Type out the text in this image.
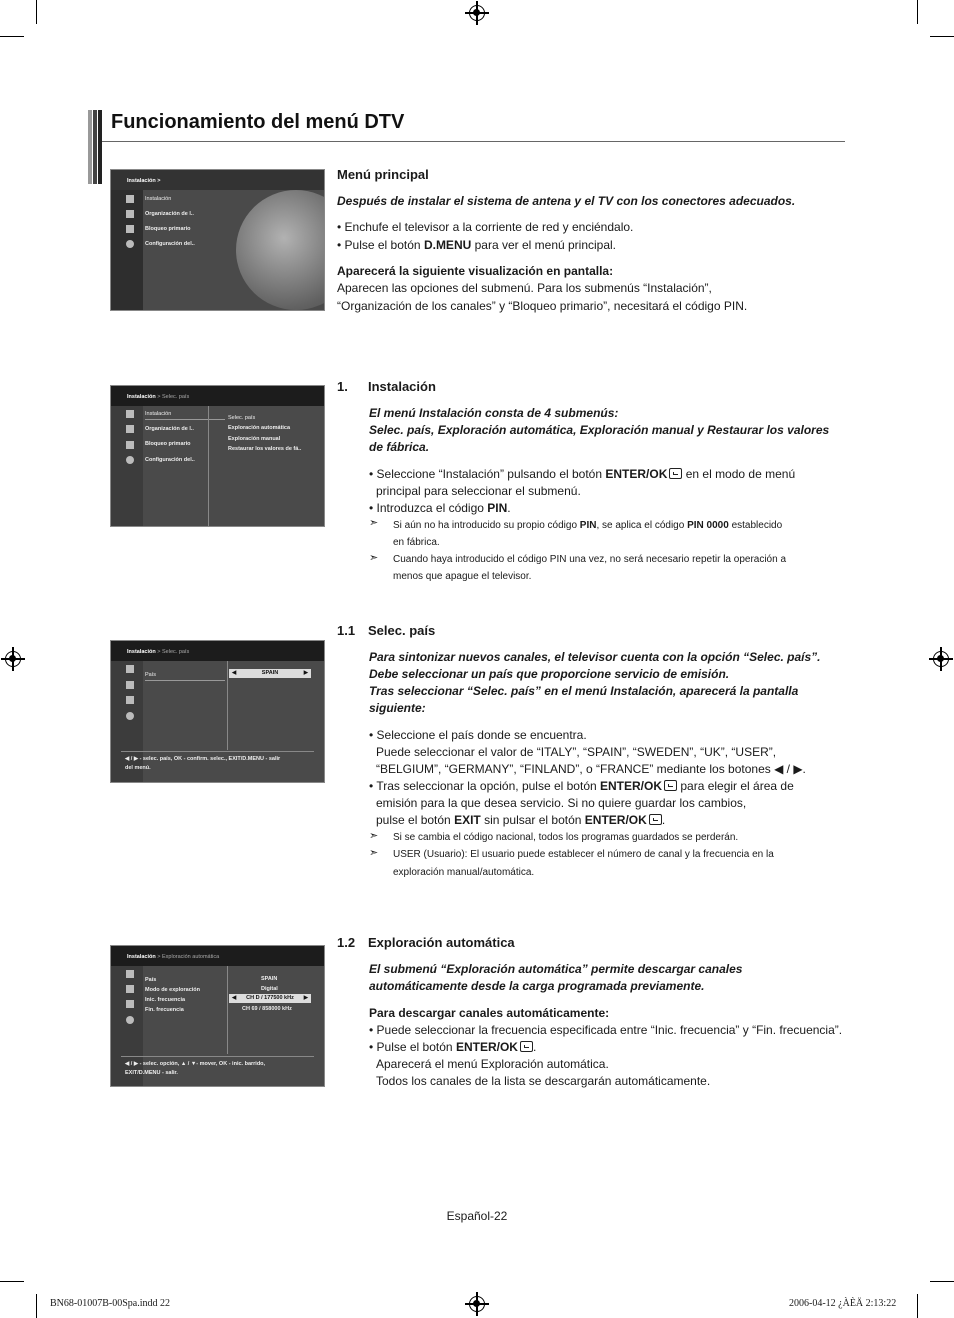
Funcionamiento del menú DTV
Instalación >
Instalación
Organización de l..
Bloqueo primario
Configuración del..
Menú principal
Después de instalar el sistema de antena y el TV con los conectores adecuados.
• Enchufe el televisor a la corriente de red y enciéndalo.
• Pulse el botón D.MENU para ver el menú principal.
Aparecerá la siguiente visualización en pantalla:
Aparecen las opciones del submenú. Para los submenús “Instalación”,
“Organización de los canales” y “Bloqueo primario”, necesitará el código PIN.
Instalación > Selec. país
Instalación
Organización de l..
Bloqueo primario
Configuración del..
Selec. país
Exploración automática
Exploración manual
Restaurar los valores de fá..
1. Instalación
El menú Instalación consta de 4 submenús:
Selec. país, Exploración automática, Exploración manual y Restaurar los valores
de fábrica.
• Seleccione “Instalación” pulsando el botón ENTER/OK en el modo de menú
principal para seleccionar el submenú.
• Introduzca el código PIN.
➣ Si aún no ha introducido su propio código PIN, se aplica el código PIN 0000 establecido
en fábrica.
➣ Cuando haya introducido el código PIN una vez, no será necesario repetir la operación a
menos que apague el televisor.
Instalación > Selec. país
País	◀	SPAIN	▶
◀ / ▶ - selec. país, OK - confirm. selec., EXIT/D.MENU - salir
del menú.
1.1 Selec. país
Para sintonizar nuevos canales, el televisor cuenta con la opción “Selec. país”.
Debe seleccionar un país que proporcione servicio de emisión.
Tras seleccionar “Selec. país” en el menú Instalación, aparecerá la pantalla
siguiente:
• Seleccione el país donde se encuentra.
Puede seleccionar el valor de “ITALY”, “SPAIN”, “SWEDEN”, “UK”, “USER”,
“BELGIUM”, “GERMANY”, “FINLAND”, o “FRANCE” mediante los botones ◀ / ▶.
• Tras seleccionar la opción, pulse el botón ENTER/OK para elegir el área de
emisión para la que desea servicio. Si no quiere guardar los cambios,
pulse el botón EXIT sin pulsar el botón ENTER/OK .
➣ Si se cambia el código nacional, todos los programas guardados se perderán.
➣ USER (Usuario): El usuario puede establecer el número de canal y la frecuencia en la
exploración manual/automática.
Instalación > Exploración automática
País
Modo de exploración
Inic. frecuencia
Fin. frecuencia
SPAIN
Digital
◀ CH D / 177500 kHz ▶
CH 69 / 858000 kHz
◀ / ▶ - selec. opción, ▲ / ▼- mover, OK - inic. barrido,
EXIT/D.MENU - salir.
1.2 Exploración automática
El submenú “Exploración automática” permite descargar canales
automáticamente desde la carga programada previamente.
Para descargar canales automáticamente:
• Puede seleccionar la frecuencia especificada entre “Inic. frecuencia” y “Fin. frecuencia”.
• Pulse el botón ENTER/OK .
Aparecerá el menú Exploración automática.
Todos los canales de la lista se descargarán automáticamente.
Español-22
BN68-01007B-00Spa.indd 22	2006-04-12 ¿ÀÈÄ 2:13:22
